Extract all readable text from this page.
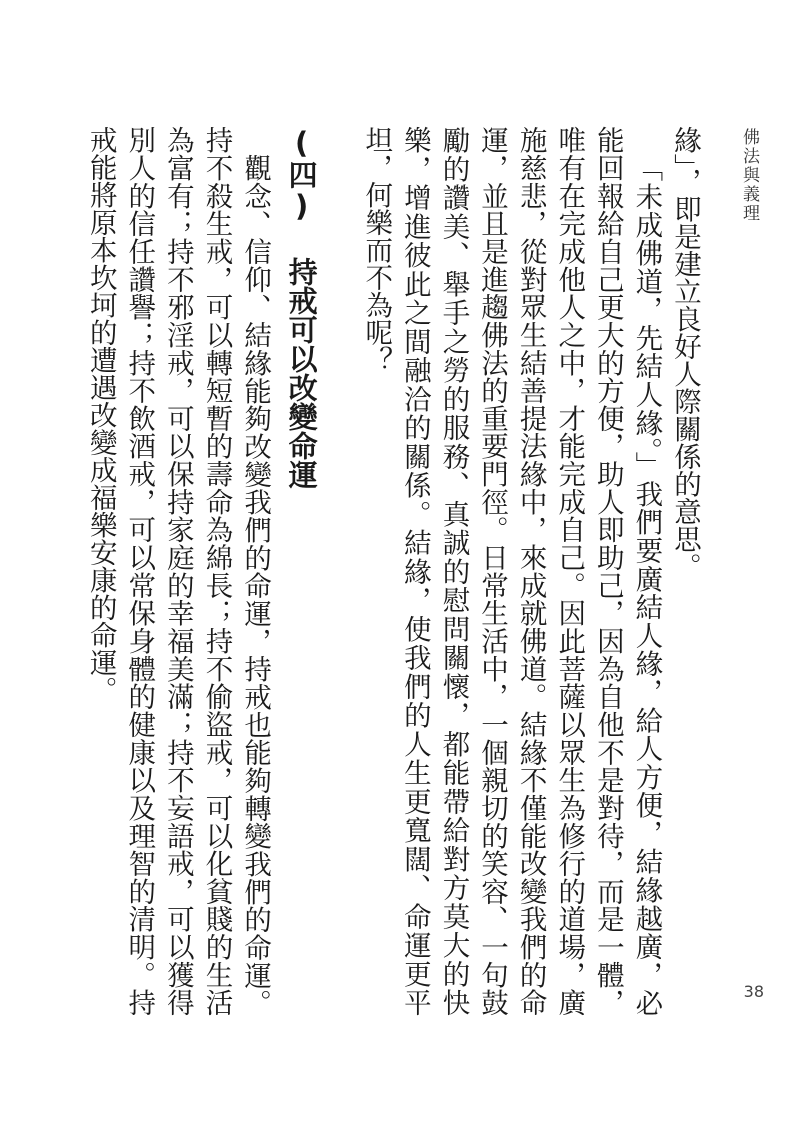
佛法與義理
38

緣」，即是建立良好人際關係的意思。

「未成佛道，先結人緣。」我們要廣結人緣，給人方便，結緣越廣，必能回報給自己更大的方便，助人即助己，因為自他不是對待，而是一體，唯有在完成他人之中，才能完成自己。因此菩薩以眾生為修行的道場，廣施慈悲，從對眾生結善提法緣中，來成就佛道。結緣不僅能改變我們的命運，並且是進趨佛法的重要門徑。日常生活中，一個親切的笑容、一句鼓勵的讚美、舉手之勞的服務、真誠的慰問關懷，都能帶給對方莫大的快樂，增進彼此之間融洽的關係。結緣，使我們的人生更寬闊、命運更平坦，何樂而不為呢？

(四) 持戒可以改變命運

觀念、信仰、結緣能夠改變我們的命運，持戒也能夠轉變我們的命運。持不殺生戒，可以轉短暫的壽命為綿長；持不偷盜戒，可以化貧賤的生活為富有；持不邪淫戒，可以保持家庭的幸福美滿；持不妄語戒，可以獲得別人的信任讚譽；持不飲酒戒，可以常保身體的健康以及理智的清明。持戒能將原本坎坷的遭遇改變成福樂安康的命運。
